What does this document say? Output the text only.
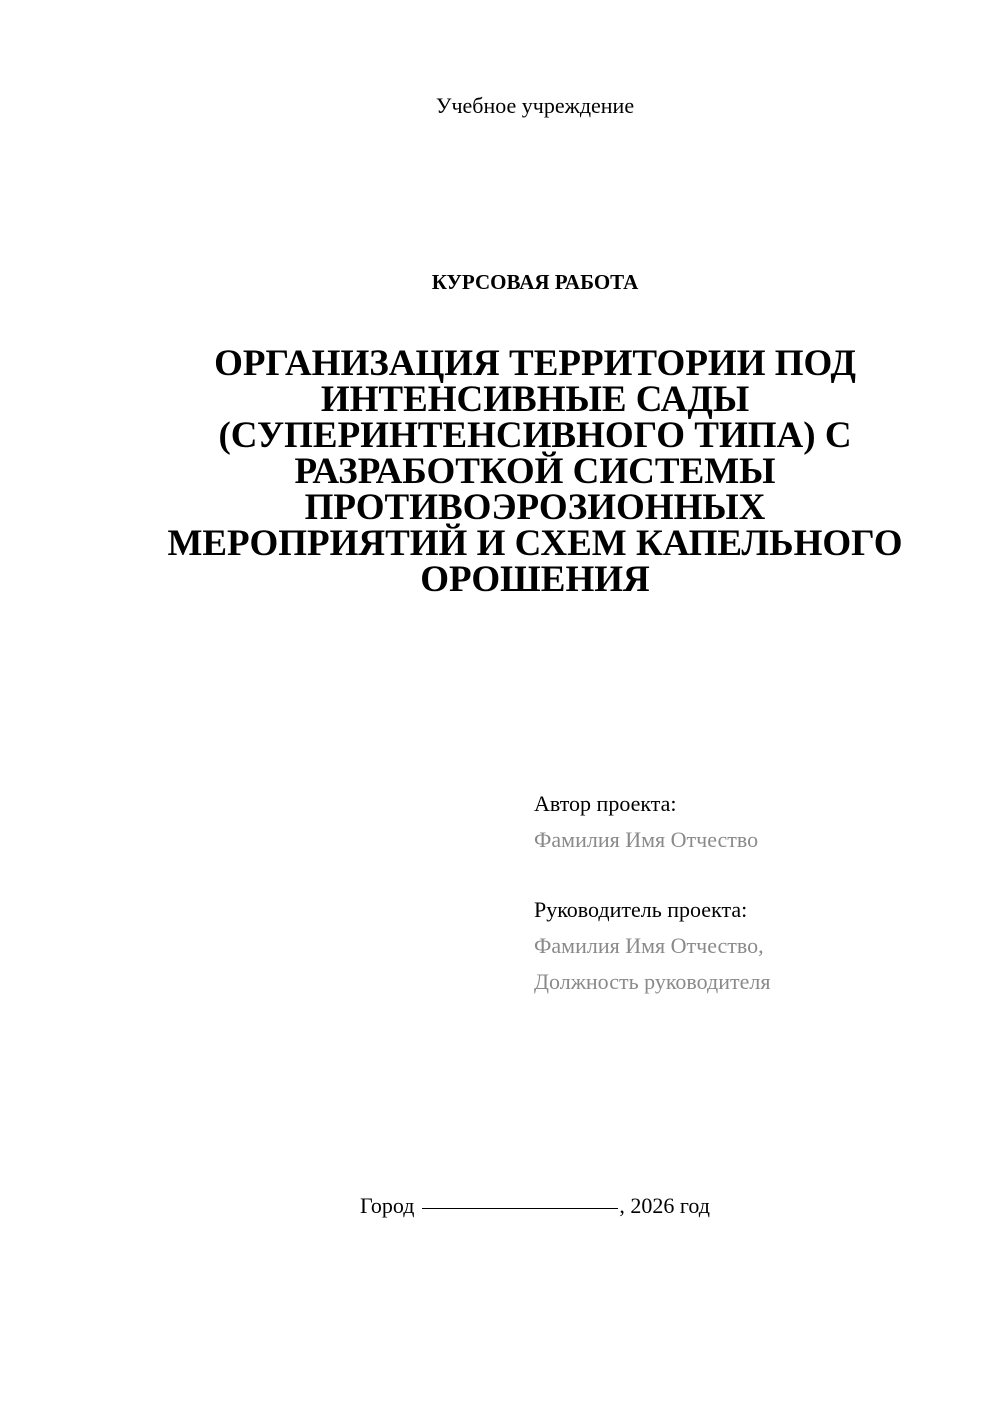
Учебное учреждение
КУРСОВАЯ РАБОТА
ОРГАНИЗАЦИЯ ТЕРРИТОРИИ ПОД
ИНТЕНСИВНЫЕ САДЫ
(СУПЕРИНТЕНСИВНОГО ТИПА) С
РАЗРАБОТКОЙ СИСТЕМЫ
ПРОТИВОЭРОЗИОННЫХ
МЕРОПРИЯТИЙ И СХЕМ КАПЕЛЬНОГО
ОРОШЕНИЯ
Автор проекта:
Фамилия Имя Отчество
Руководитель проекта:
Фамилия Имя Отчество,
Должность руководителя
Город	, 2026 год
